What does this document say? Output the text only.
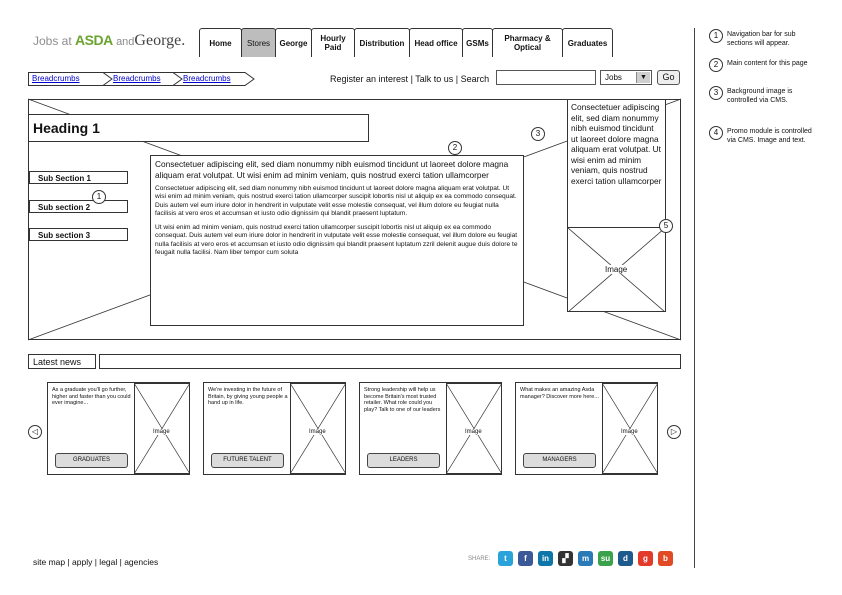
Jobs at ASDA andGeorge.	Home	Stores	George	Hourly Paid	Distribution	Head office	GSMs	Pharmacy & Optical	Graduates
Breadcrumbs	Breadcrumbs	Breadcrumbs	Register an interest | Talk to us | Search	Jobs	▼	Go
Heading 1
Sub Section 1
Sub section 2
Sub section 3
1

Consectetuer adipiscing elit, sed diam nonummy nibh euismod tincidunt ut laoreet dolore magna aliquam erat volutpat. Ut wisi enim ad minim veniam, quis nostrud exerci tation ullamcorper

Consectetuer adipiscing elit, sed diam nonummy nibh euismod tincidunt ut laoreet dolore magna aliquam erat volutpat. Ut wisi enim ad minim veniam, quis nostrud exerci tation ullamcorper suscipit lobortis nisl ut aliquip ex ea commodo consequat. Duis autem vel eum iriure dolor in hendrerit in vulputate velit esse molestie consequat, vel illum dolore eu feugiat nulla facilisis at vero eros et accumsan et iusto odio dignissim qui blandit praesent luptatum.

Ut wisi enim ad minim veniam, quis nostrud exerci tation ullamcorper suscipit lobortis nisl ut aliquip ex ea commodo consequat. Duis autem vel eum iriure dolor in hendrerit in vulputate velit esse molestie consequat, vel illum dolore eu feugiat nulla facilisis at vero eros et accumsan et iusto odio dignissim qui blandit praesent luptatum zzril delenit augue duis dolore te feugait nulla facilisi. Nam liber tempor cum soluta

2
3
Consectetuer adipiscing elit, sed diam nonummy nibh euismod tincidunt ut laoreet dolore magna aliquam erat volutpat. Ut wisi enim ad minim veniam, quis nostrud exerci tation ullamcorper
Image
5
Latest news
◁	▷
As a graduate you'll go further, higher and faster than you could ever imagine...
GRADUATES
Image
We're investing in the future of Britain, by giving young people a hand up in life.
FUTURE TALENT
Image
Strong leadership will help us become Britain's most trusted retailer. What role could you play? Talk to one of our leaders
LEADERS
Image
What makes an amazing Asda manager? Discover more here...
MANAGERS
Image
site map | apply | legal | agencies	SHARE:	t	f	in	▞	m	su	d	g	b
1	Navigation bar for sub sections will appear.
2	Main content for this page
3	Background image is controlled via CMS.
4	Promo module is controlled via CMS. Image and text.
